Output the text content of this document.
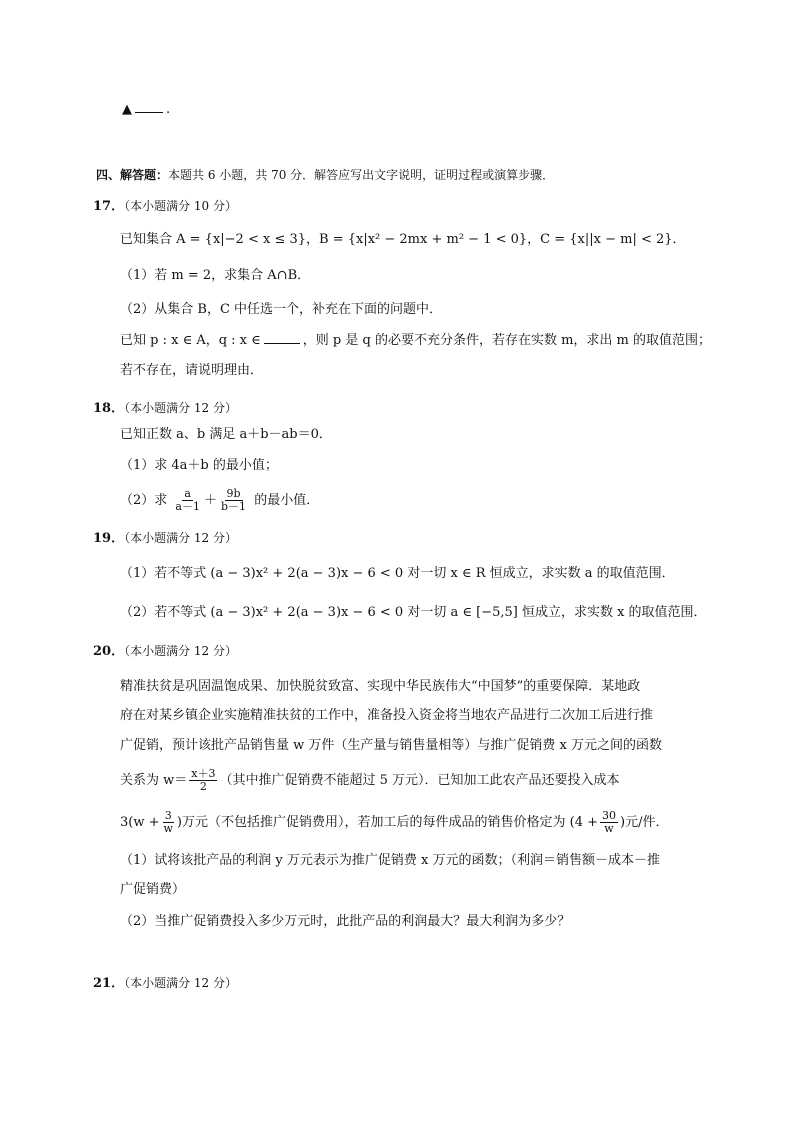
▲	.
四、解答题：本题共 6 小题，共 70 分．解答应写出文字说明，证明过程或演算步骤．
17．（本小题满分 10 分）
已知集合 A = {x|−2 < x ≤ 3}，B = {x|x² − 2mx + m² − 1 < 0}，C = {x||x − m| < 2}．
（1）若 m = 2，求集合 A∩B．
（2）从集合 B，C 中任选一个，补充在下面的问题中．
已知 p : x ∈ A，q : x ∈	，则 p 是 q 的必要不充分条件，若存在实数 m，求出 m 的取值范围；
若不存在，请说明理由．
18．（本小题满分 12 分）
已知正数 a、b 满足 a＋b－ab＝0．
（1）求 4a＋b 的最小值；
（2）求 $\frac{a}{a-1} + \frac{9b}{b-1}$ 的最小值．
19．（本小题满分 12 分）
（1）若不等式 (a − 3)x² + 2(a − 3)x − 6 < 0 对一切 x ∈ R 恒成立，求实数 a 的取值范围．
（2）若不等式 (a − 3)x² + 2(a − 3)x − 6 < 0 对一切 a ∈ [−5,5] 恒成立，求实数 x 的取值范围．
20．（本小题满分 12 分）
精准扶贫是巩固温饱成果、加快脱贫致富、实现中华民族伟大“中国梦”的重要保障．某地政
府在对某乡镇企业实施精准扶贫的工作中，准备投入资金将当地农产品进行二次加工后进行推
广促销，预计该批产品销售量 w 万件（生产量与销售量相等）与推广促销费 x 万元之间的函数
关系为 $w= \frac{x+3}{2}$ （其中推广促销费不能超过 5 万元）．已知加工此农产品还要投入成本
$3(w + \frac{3}{w}$ )万元（不包括推广促销费用），若加工后的每件成品的销售价格定为 ($4 + \frac{30}{w}$ )元/件．
（1）试将该批产品的利润 y 万元表示为推广促销费 x 万元的函数；（利润＝销售额－成本－推
广促销费）
（2）当推广促销费投入多少万元时，此批产品的利润最大？最大利润为多少？
21．（本小题满分 12 分）
